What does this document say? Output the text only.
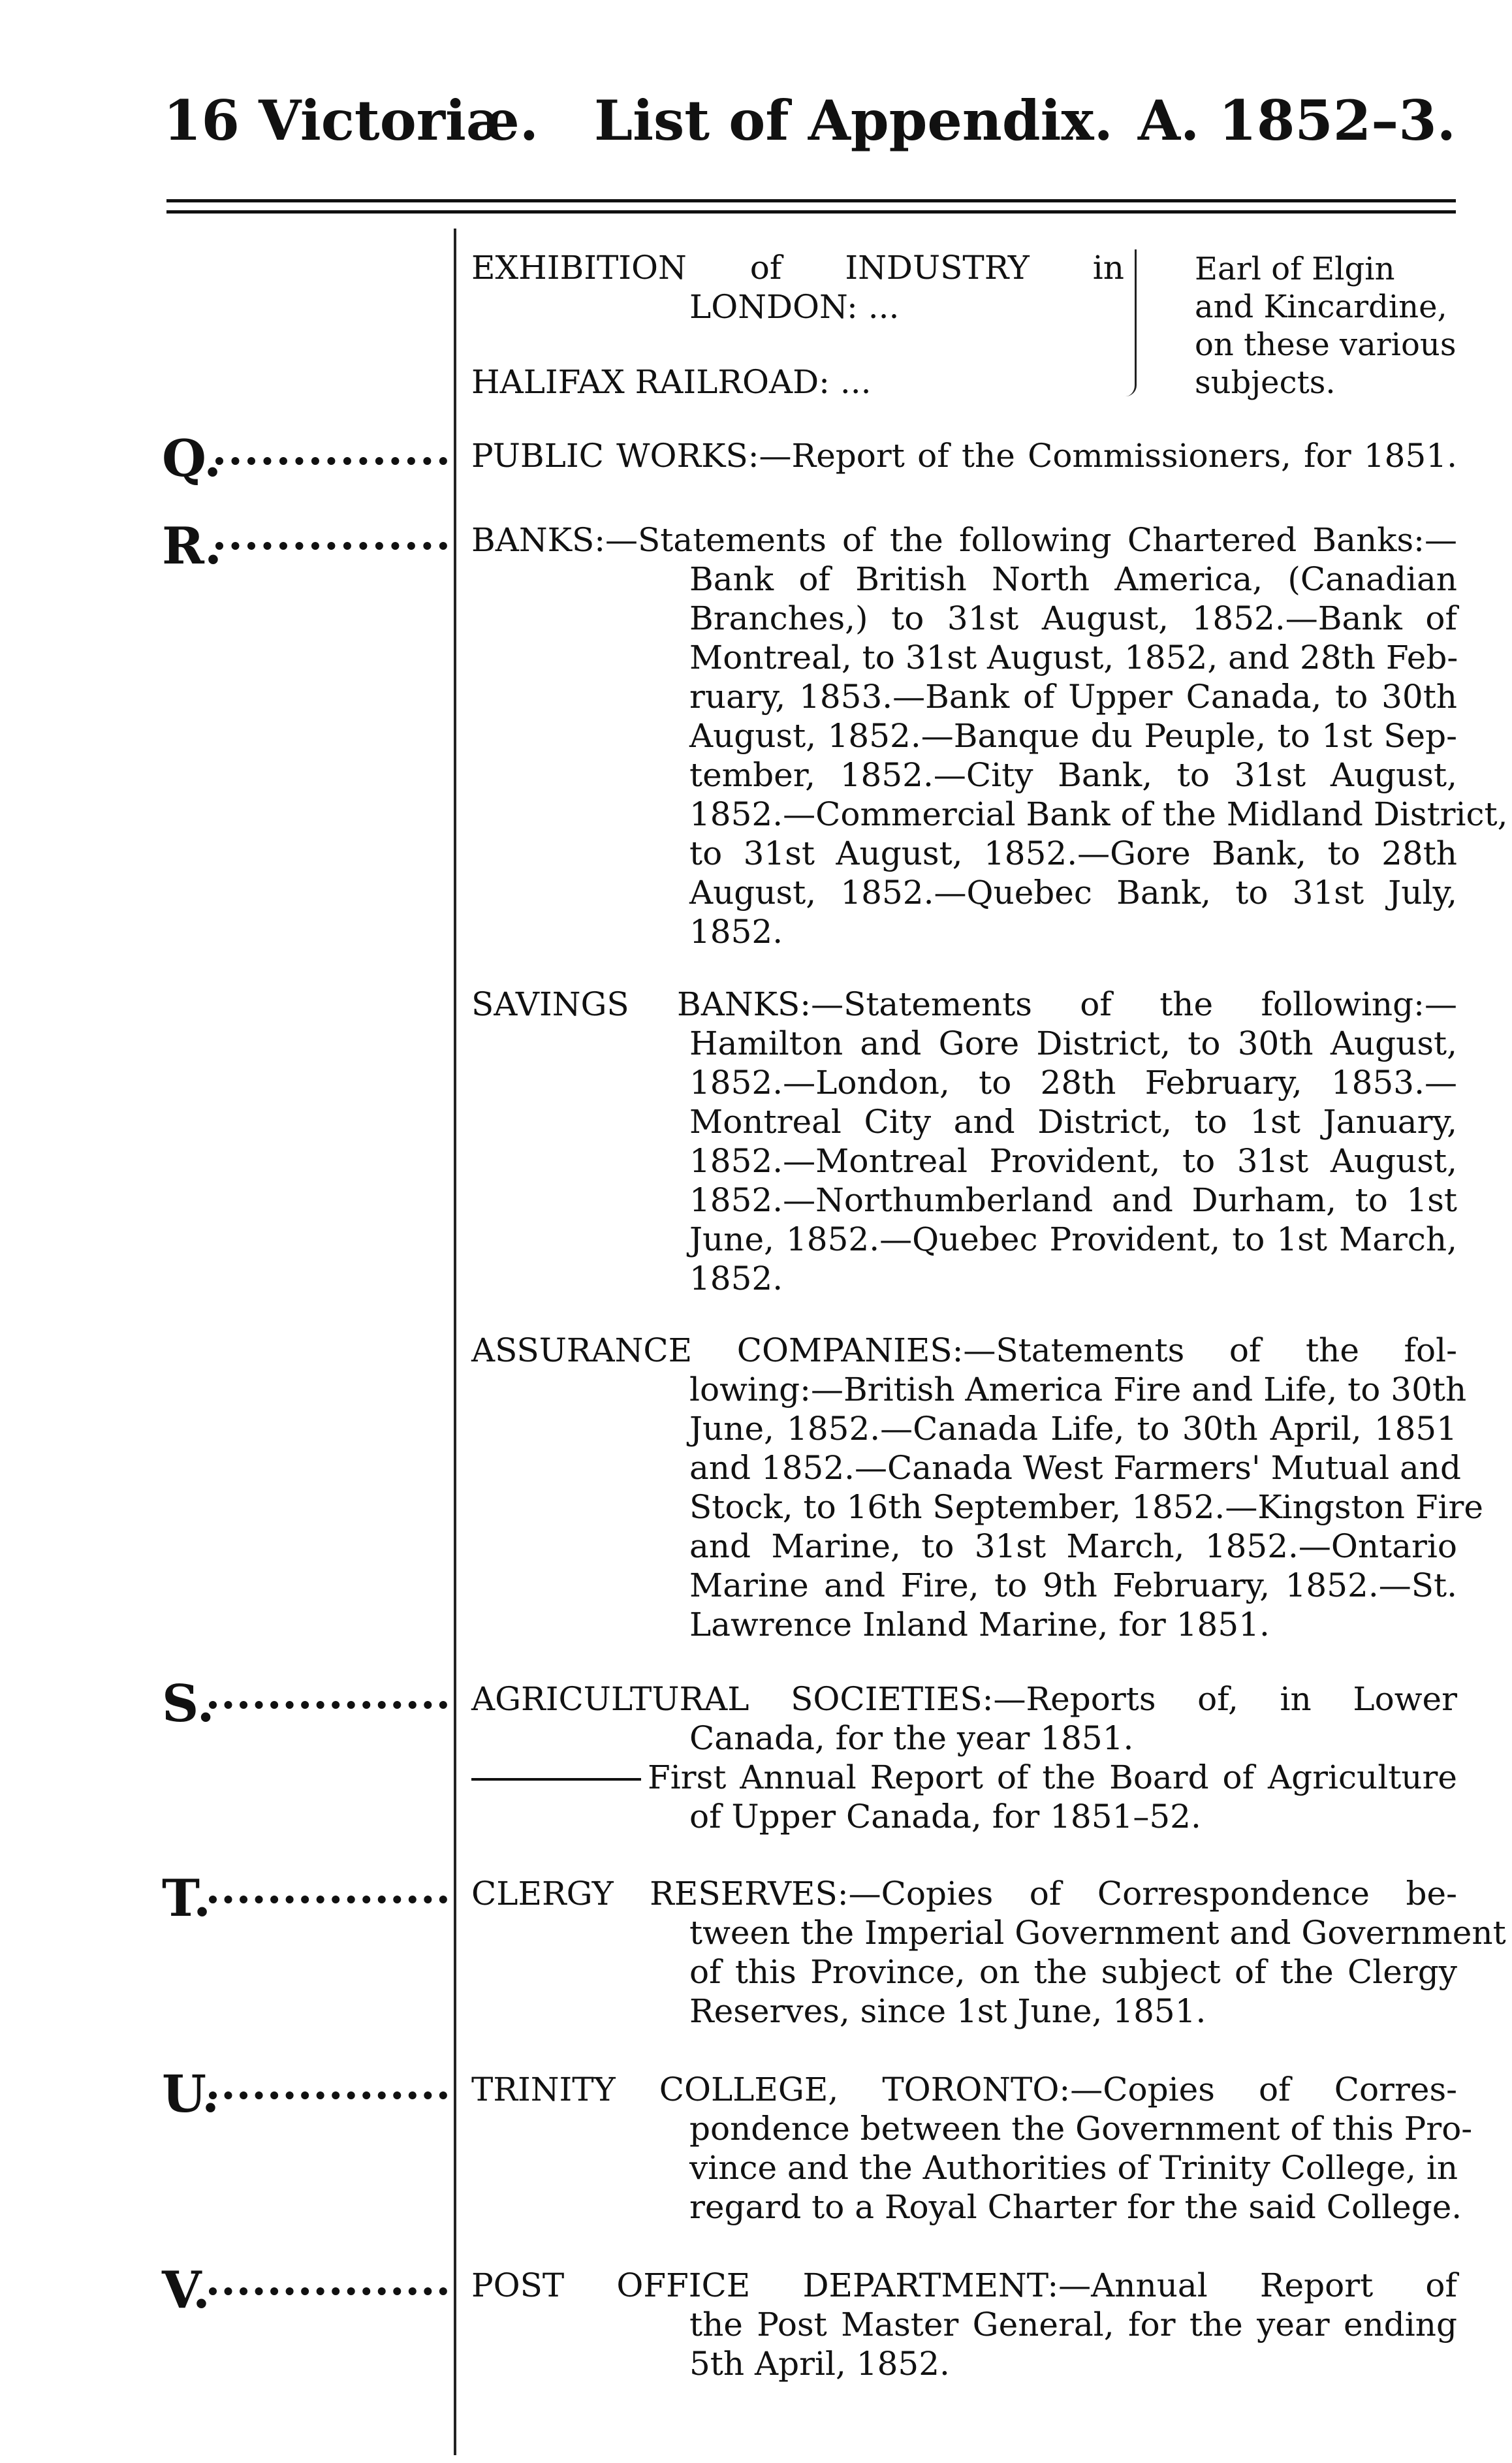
16 Victoriæ. List of Appendix. A. 1852–3.
EXHIBITION of INDUSTRY in
LONDON: ...
HALIFAX RAILROAD: ...
Earl of Elgin
and Kincardine,
on these various
subjects.
Q.	PUBLIC WORKS:—Report of the Commissioners, for 1851.
R.	BANKS:—Statements of the following Chartered Banks:—
Bank of British North America, (Canadian
Branches,) to 31st August, 1852.—Bank of
Montreal, to 31st August, 1852, and 28th Feb-
ruary, 1853.—Bank of Upper Canada, to 30th
August, 1852.—Banque du Peuple, to 1st Sep-
tember, 1852.—City Bank, to 31st August,
1852.—Commercial Bank of the Midland District,
to 31st August, 1852.—Gore Bank, to 28th
August, 1852.—Quebec Bank, to 31st July,
1852.
SAVINGS BANKS:—Statements of the following:—
Hamilton and Gore District, to 30th August,
1852.—London, to 28th February, 1853.—
Montreal City and District, to 1st January,
1852.—Montreal Provident, to 31st August,
1852.—Northumberland and Durham, to 1st
June, 1852.—Quebec Provident, to 1st March,
1852.
ASSURANCE COMPANIES:—Statements of the fol-
lowing:—British America Fire and Life, to 30th
June, 1852.—Canada Life, to 30th April, 1851
and 1852.—Canada West Farmers' Mutual and
Stock, to 16th September, 1852.—Kingston Fire
and Marine, to 31st March, 1852.—Ontario
Marine and Fire, to 9th February, 1852.—St.
Lawrence Inland Marine, for 1851.
S.	AGRICULTURAL SOCIETIES:—Reports of, in Lower
Canada, for the year 1851.
First Annual Report of the Board of Agriculture
of Upper Canada, for 1851–52.
T.	CLERGY RESERVES:—Copies of Correspondence be-
tween the Imperial Government and Government
of this Province, on the subject of the Clergy
Reserves, since 1st June, 1851.
U.	TRINITY COLLEGE, TORONTO:—Copies of Corres-
pondence between the Government of this Pro-
vince and the Authorities of Trinity College, in
regard to a Royal Charter for the said College.
V.	POST OFFICE DEPARTMENT:—Annual Report of
the Post Master General, for the year ending
5th April, 1852.
